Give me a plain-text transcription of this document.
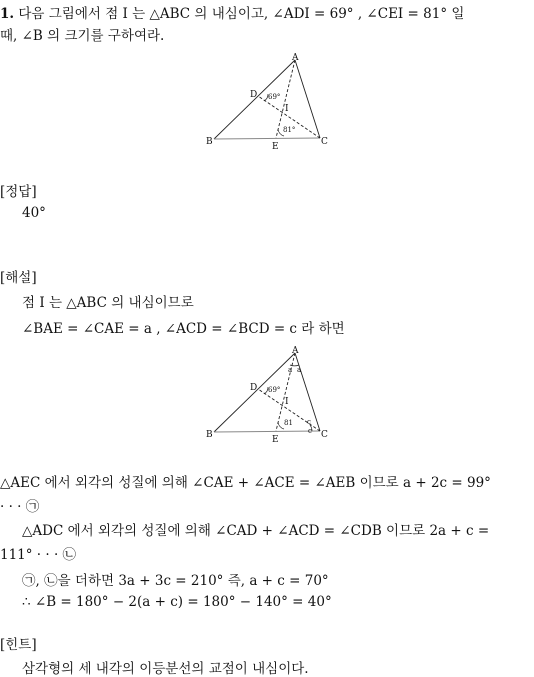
1. 다음 그림에서 점 I 는 △ABC 의 내심이고, ∠ADI = 69° , ∠CEI = 81° 일
때, ∠B 의 크기를 구하여라.
A
B	C
D
E
I
69°
81°
[정답]
40°
[해설]
점 I 는 △ABC 의 내심이므로
∠BAE = ∠CAE = a , ∠ACD = ∠BCD = c 라 하면
A
B	C
D
E
I
69°
81
a a
c
c
△AEC 에서 외각의 성질에 의해 ∠CAE + ∠ACE = ∠AEB 이므로 a + 2c = 99°
· · · ㉠
△ADC 에서 외각의 성질에 의해 ∠CAD + ∠ACD = ∠CDB 이므로 2a + c =
111° · · · ㉡
㉠, ㉡을 더하면 3a + 3c = 210° 즉, a + c = 70°
∴ ∠B = 180° − 2(a + c) = 180° − 140° = 40°
[힌트]
삼각형의 세 내각의 이등분선의 교점이 내심이다.
